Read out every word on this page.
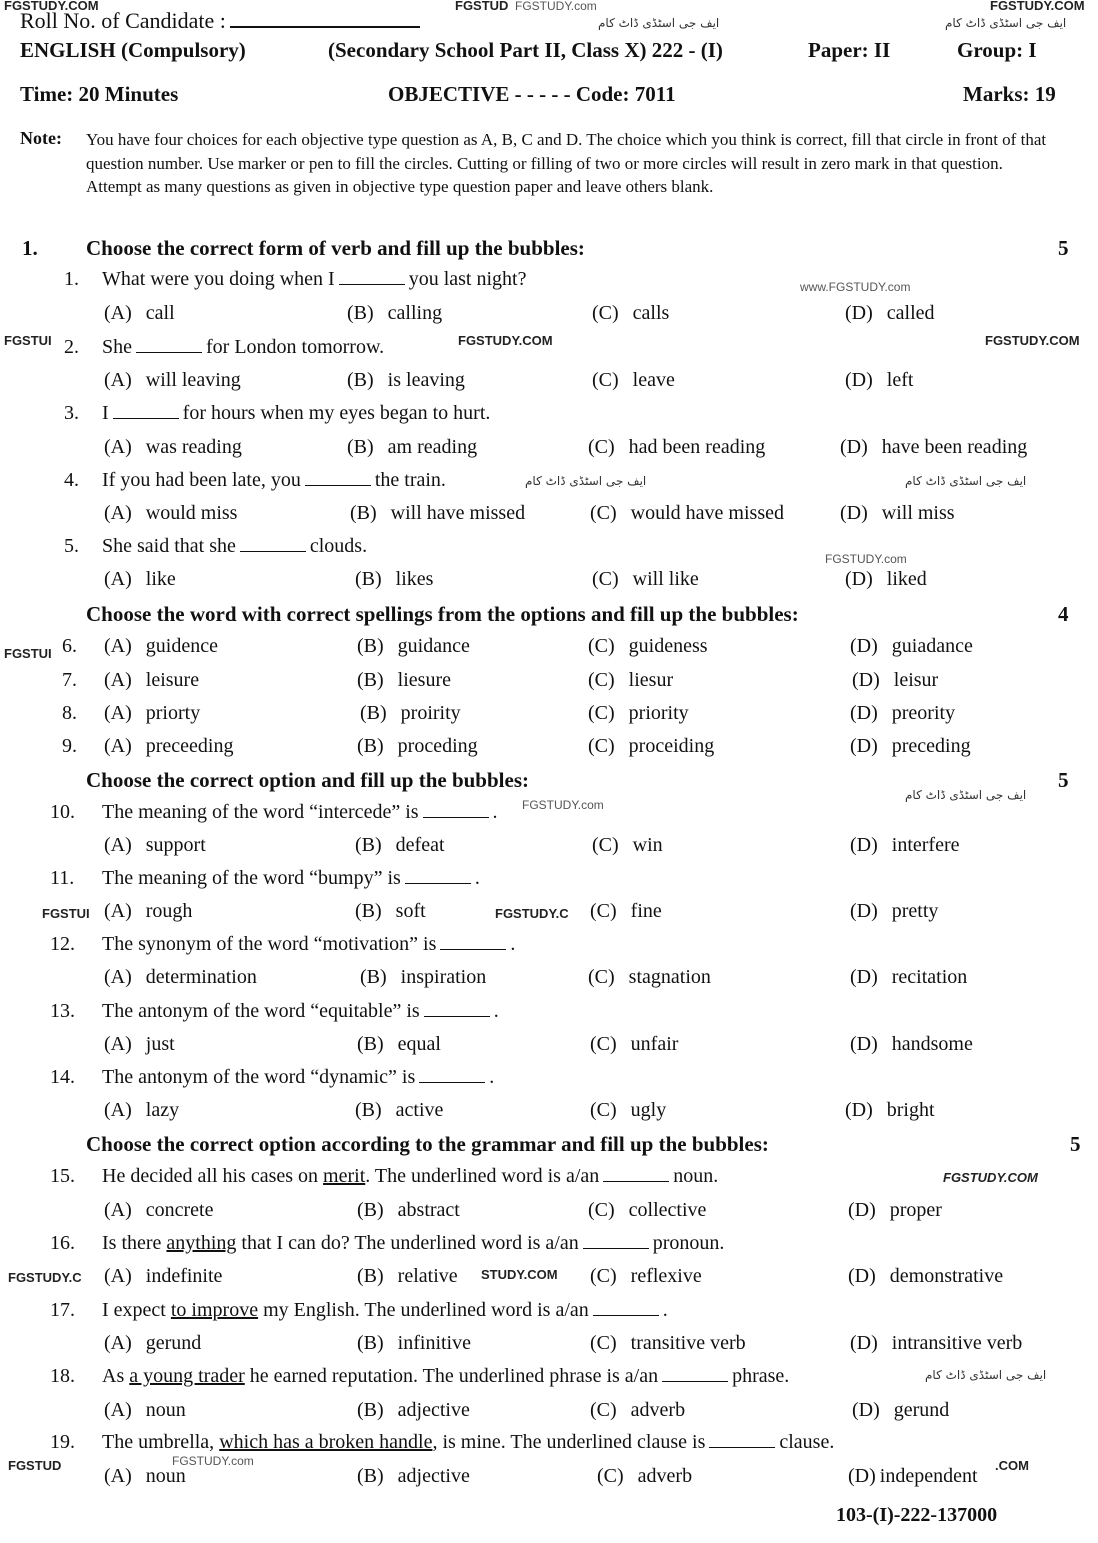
FGSTUDY.COM	FGSTUD FGSTUDY.com	FGSTUDY.COM
ایف جی اسٹڈی ڈاٹ کام	ایف جی اسٹڈی ڈاٹ کام
Roll No. of Candidate :
ENGLISH (Compulsory)	(Secondary School Part II, Class X) 222 - (I)	Paper: II	Group: I
Time: 20 Minutes	OBJECTIVE - - - - - Code: 7011	Marks: 19
Note: You have four choices for each objective type question as A, B, C and D. The choice which you think is correct, fill that circle in front of that question number. Use marker or pen to fill the circles. Cutting or filling of two or more circles will result in zero mark in that question. Attempt as many questions as given in objective type question paper and leave others blank.
1. Choose the correct form of verb and fill up the bubbles:	5
www.FGSTUDY.com
1. What were you doing when I	you last night?
(A) call	(B) calling	(C) calls	(D) called
FGSTUI	FGSTUDY.COM	FGSTUDY.COM
2. She	for London tomorrow.
(A) will leaving	(B) is leaving	(C) leave	(D) left
3. I	for hours when my eyes began to hurt.
(A) was reading	(B) am reading	(C) had been reading	(D) have been reading
ایف جی اسٹڈی ڈاٹ کام	ایف جی اسٹڈی ڈاٹ کام
4. If you had been late, you	the train.
(A) would miss	(B) will have missed	(C) would have missed	(D) will miss
FGSTUDY.com
5. She said that she	clouds.
(A) like	(B) likes	(C) will like	(D) liked
Choose the word with correct spellings from the options and fill up the bubbles:	4
FGSTUI 6. (A) guidence	(B) guidance	(C) guideness	(D) guiadance
7. (A) leisure	(B) liesure	(C) liesur	(D) leisur
8. (A) priorty	(B) proirity	(C) priority	(D) preority
9. (A) preceeding	(B) proceding	(C) proceiding	(D) preceding
Choose the correct option and fill up the bubbles:	5
ایف جی اسٹڈی ڈاٹ کام
FGSTUDY.com
10. The meaning of the word “intercede” is	.
(A) support	(B) defeat	(C) win	(D) interfere
11. The meaning of the word “bumpy” is	.
FGSTUI	FGSTUDY.C
(A) rough	(B) soft	(C) fine	(D) pretty
12. The synonym of the word “motivation” is	.
(A) determination	(B) inspiration	(C) stagnation	(D) recitation
13. The antonym of the word “equitable” is	.
(A) just	(B) equal	(C) unfair	(D) handsome
14. The antonym of the word “dynamic” is	.
(A) lazy	(B) active	(C) ugly	(D) bright
Choose the correct option according to the grammar and fill up the bubbles:	5
FGSTUDY.COM
15. He decided all his cases on merit. The underlined word is a/an	noun.
(A) concrete	(B) abstract	(C) collective	(D) proper
16. Is there anything that I can do? The underlined word is a/an	pronoun.
FGSTUDY.C	STUDY.COM
(A) indefinite	(B) relative	(C) reflexive	(D) demonstrative
17. I expect to improve my English. The underlined word is a/an	.
(A) gerund	(B) infinitive	(C) transitive verb	(D) intransitive verb
ایف جی اسٹڈی ڈاٹ کام
18. As a young trader he earned reputation. The underlined phrase is a/an	phrase.
(A) noun	(B) adjective	(C) adverb	(D) gerund
19. The umbrella, which has a broken handle, is mine. The underlined clause is	clause.
FGSTUD	FGSTUDY.com	.COM
(A) noun	(B) adjective	(C) adverb	(D) independent
103-(I)-222-137000
